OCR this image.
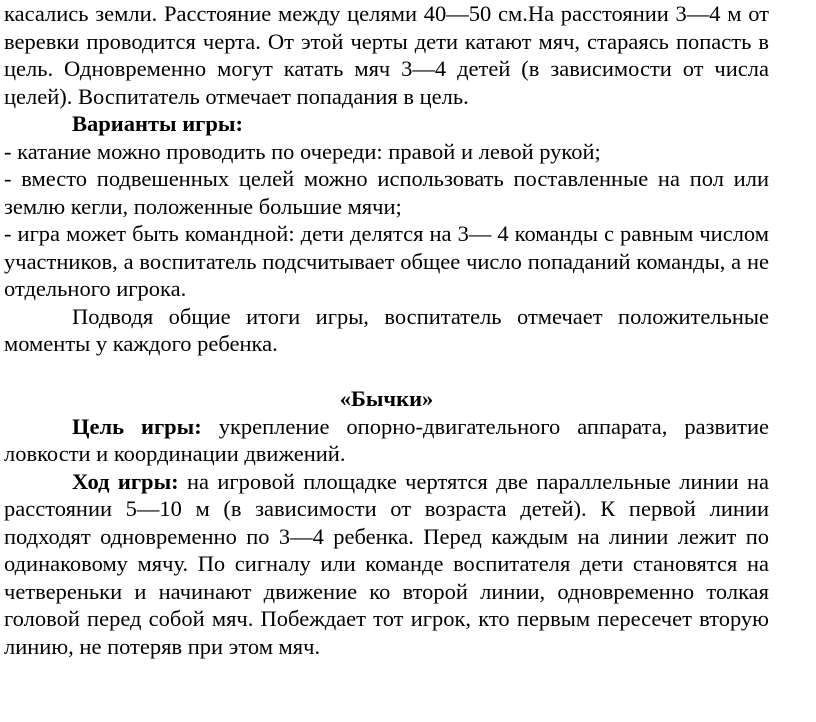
касались земли. Расстояние между целями 40—50 см.На расстоянии 3—4 м от веревки проводится черта. От этой черты дети катают мяч, стараясь попасть в цель. Одновременно могут катать мяч 3—4 детей (в зависимости от числа целей). Воспитатель отмечает попадания в цель.

Варианты игры:

- катание можно проводить по очереди: правой и левой рукой;

- вместо подвешенных целей можно использовать поставленные на пол или землю кегли, положенные большие мячи;

- игра может быть командной: дети делятся на 3— 4 команды с равным числом участников, а воспитатель подсчитывает общее число попаданий команды, а не отдельного игрока.

Подводя общие итоги игры, воспитатель отмечает положительные моменты у каждого ребенка.

«Бычки»

Цель игры: укрепление опорно-двигательного аппарата, развитие ловкости и координации движений.

Ход игры: на игровой площадке чертятся две параллельные линии на расстоянии 5—10 м (в зависимости от возраста детей). К первой линии подходят одновременно по 3—4 ребенка. Перед каждым на линии лежит по одинаковому мячу. По сигналу или команде воспитателя дети становятся на четвереньки и начинают движение ко второй линии, одновременно толкая головой перед собой мяч. Побеждает тот игрок, кто первым пересечет вторую линию, не потеряв при этом мяч.
